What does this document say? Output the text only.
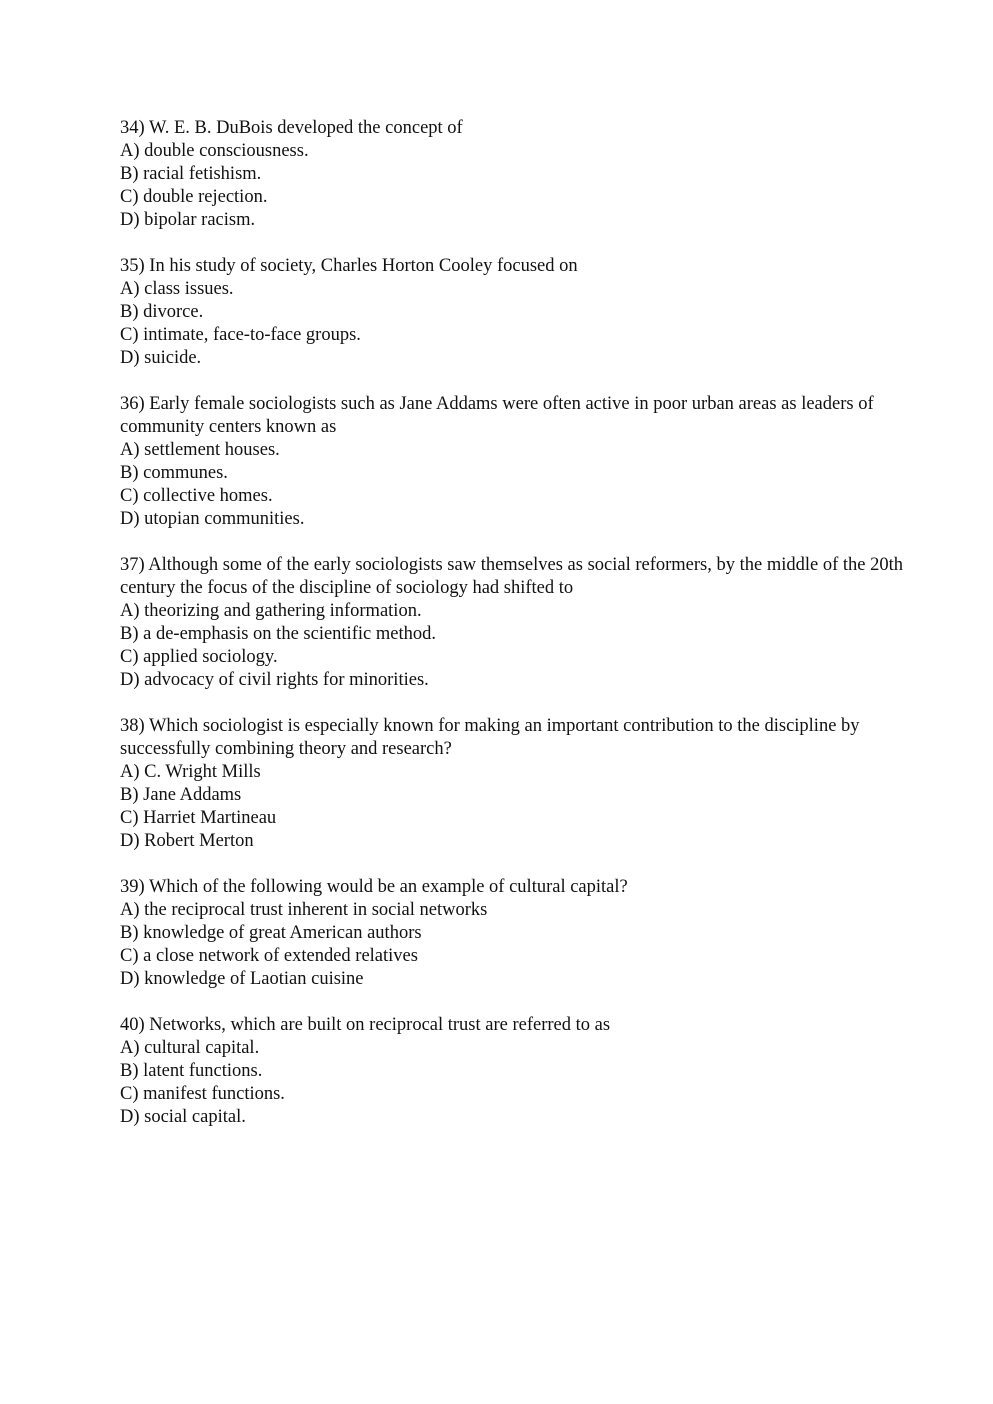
34) W. E. B. DuBois developed the concept of
A) double consciousness.
B) racial fetishism.
C) double rejection.
D) bipolar racism.
35) In his study of society, Charles Horton Cooley focused on
A) class issues.
B) divorce.
C) intimate, face-to-face groups.
D) suicide.
36) Early female sociologists such as Jane Addams were often active in poor urban areas as leaders of community centers known as
A) settlement houses.
B) communes.
C) collective homes.
D) utopian communities.
37) Although some of the early sociologists saw themselves as social reformers, by the middle of the 20th century the focus of the discipline of sociology had shifted to
A) theorizing and gathering information.
B) a de-emphasis on the scientific method.
C) applied sociology.
D) advocacy of civil rights for minorities.
38) Which sociologist is especially known for making an important contribution to the discipline by successfully combining theory and research?
A) C. Wright Mills
B) Jane Addams
C) Harriet Martineau
D) Robert Merton
39) Which of the following would be an example of cultural capital?
A) the reciprocal trust inherent in social networks
B) knowledge of great American authors
C) a close network of extended relatives
D) knowledge of Laotian cuisine
40) Networks, which are built on reciprocal trust are referred to as
A) cultural capital.
B) latent functions.
C) manifest functions.
D) social capital.
